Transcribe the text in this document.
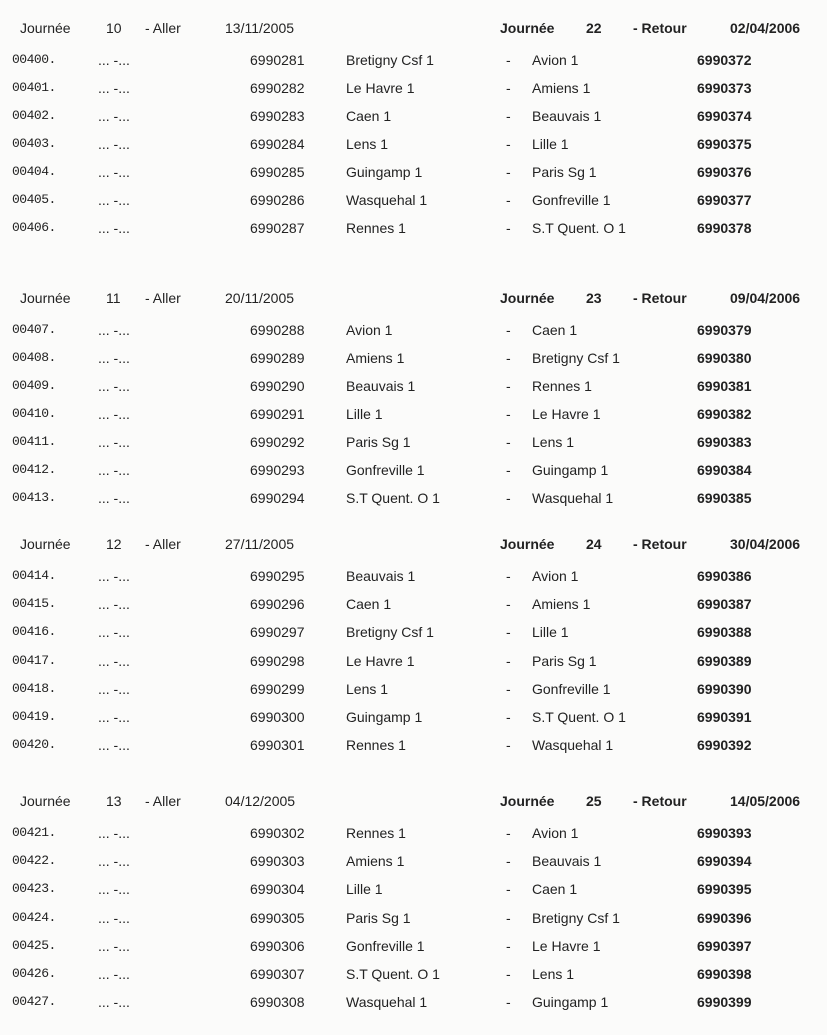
Journée	10 - Aller	13/11/2005	Journée 22 - Retour	02/04/2006
00400.	... -...	6990281	Bretigny Csf 1	- Avion 1	6990372
00401.	... -...	6990282	Le Havre 1	- Amiens 1	6990373
00402.	... -...	6990283	Caen 1	- Beauvais 1	6990374
00403.	... -...	6990284	Lens 1	- Lille 1	6990375
00404.	... -...	6990285	Guingamp 1	- Paris Sg 1	6990376
00405.	... -...	6990286	Wasquehal 1	- Gonfreville 1	6990377
00406.	... -...	6990287	Rennes 1	- S.T Quent. O 1	6990378
Journée	11 - Aller	20/11/2005	Journée 23 - Retour	09/04/2006
00407.	... -...	6990288	Avion 1	- Caen 1	6990379
00408.	... -...	6990289	Amiens 1	- Bretigny Csf 1	6990380
00409.	... -...	6990290	Beauvais 1	- Rennes 1	6990381
00410.	... -...	6990291	Lille 1	- Le Havre 1	6990382
00411.	... -...	6990292	Paris Sg 1	- Lens 1	6990383
00412.	... -...	6990293	Gonfreville 1	- Guingamp 1	6990384
00413.	... -...	6990294	S.T Quent. O 1	- Wasquehal 1	6990385
Journée	12 - Aller	27/11/2005	Journée 24 - Retour	30/04/2006
00414.	... -...	6990295	Beauvais 1	- Avion 1	6990386
00415.	... -...	6990296	Caen 1	- Amiens 1	6990387
00416.	... -...	6990297	Bretigny Csf 1	- Lille 1	6990388
00417.	... -...	6990298	Le Havre 1	- Paris Sg 1	6990389
00418.	... -...	6990299	Lens 1	- Gonfreville 1	6990390
00419.	... -...	6990300	Guingamp 1	- S.T Quent. O 1	6990391
00420.	... -...	6990301	Rennes 1	- Wasquehal 1	6990392
Journée	13 - Aller	04/12/2005	Journée 25 - Retour	14/05/2006
00421.	... -...	6990302	Rennes 1	- Avion 1	6990393
00422.	... -...	6990303	Amiens 1	- Beauvais 1	6990394
00423.	... -...	6990304	Lille 1	- Caen 1	6990395
00424.	... -...	6990305	Paris Sg 1	- Bretigny Csf 1	6990396
00425.	... -...	6990306	Gonfreville 1	- Le Havre 1	6990397
00426.	... -...	6990307	S.T Quent. O 1	- Lens 1	6990398
00427.	... -...	6990308	Wasquehal 1	- Guingamp 1	6990399
